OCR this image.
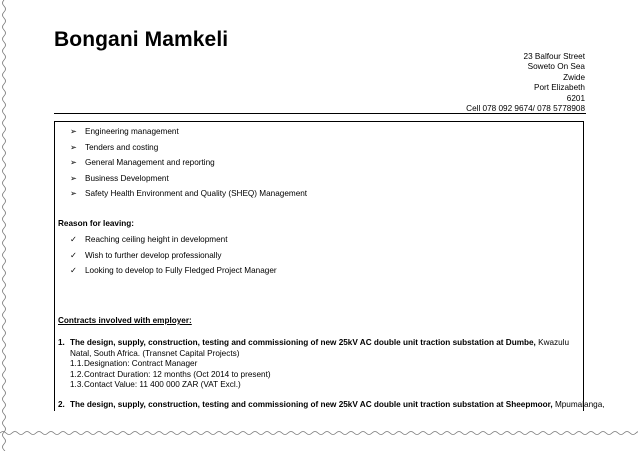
Bongani Mamkeli
23 Balfour Street
Soweto On Sea
Zwide
Port Elizabeth
6201
Cell 078 092 9674/ 078 5778908
➢ Engineering management
➢ Tenders and costing
➢ General Management and reporting
➢ Business Development
➢ Safety Health Environment and Quality (SHEQ) Management
Reason for leaving:
✓ Reaching ceiling height in development
✓ Wish to further develop professionally
✓ Looking to develop to Fully Fledged Project Manager
Contracts involved with employer:
1. The design, supply, construction, testing and commissioning of new 25kV AC double unit traction substation at Dumbe, Kwazulu Natal, South Africa. (Transnet Capital Projects)
1.1.Designation: Contract Manager
1.2.Contract Duration: 12 months (Oct 2014 to present)
1.3.Contact Value: 11 400 000 ZAR (VAT Excl.)
2. The design, supply, construction, testing and commissioning of new 25kV AC double unit traction substation at Sheepmoor, Mpumalanga,
